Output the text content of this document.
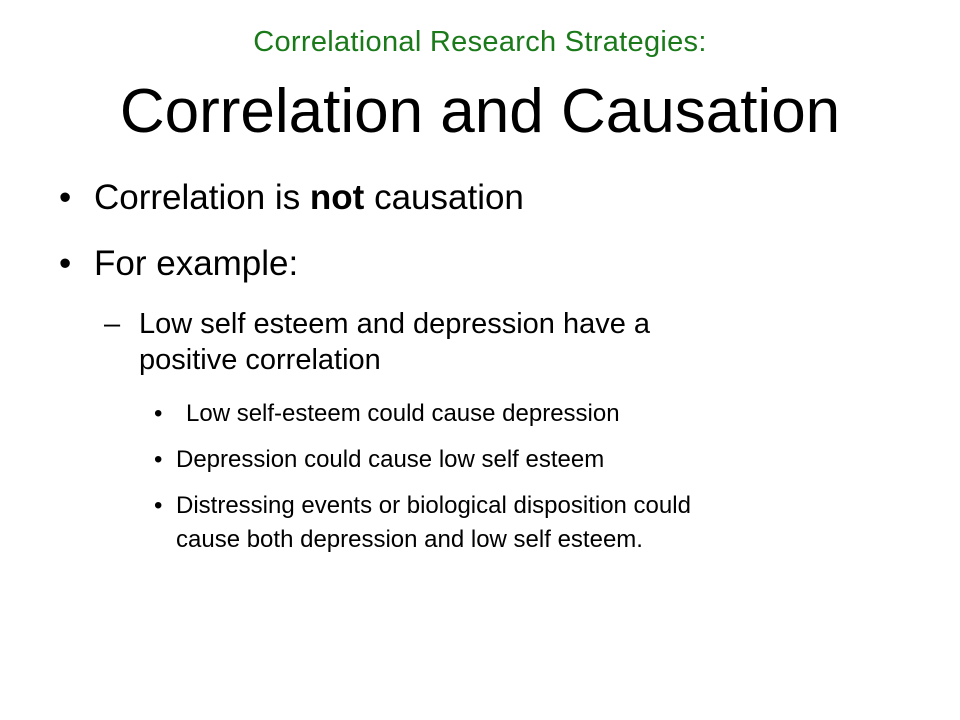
Correlational Research Strategies:
Correlation and Causation
• Correlation is not causation
• For example:
– Low self esteem and depression have a
positive correlation
• Low self-esteem could cause depression
• Depression could cause low self esteem
• Distressing events or biological disposition could
cause both depression and low self esteem.
